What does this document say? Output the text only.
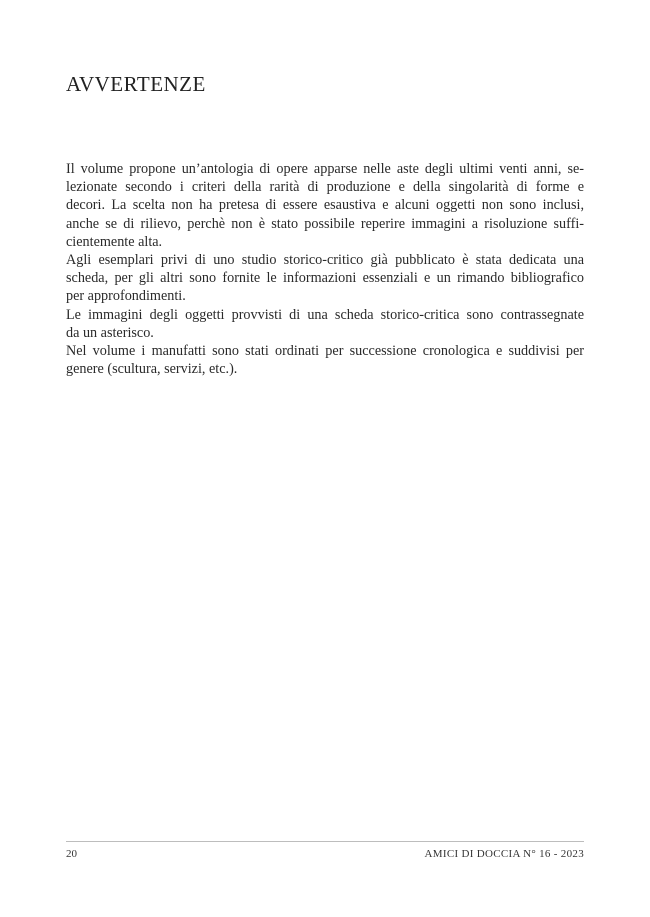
AVVERTENZE
Il volume propone un’antologia di opere apparse nelle aste degli ultimi venti anni, se-
lezionate secondo i criteri della rarità di produzione e della singolarità di forme e
decori. La scelta non ha pretesa di essere esaustiva e alcuni oggetti non sono inclusi,
anche se di rilievo, perchè non è stato possibile reperire immagini a risoluzione suffi-
cientemente alta.
Agli esemplari privi di uno studio storico-critico già pubblicato è stata dedicata una
scheda, per gli altri sono fornite le informazioni essenziali e un rimando bibliografico
per approfondimenti.
Le immagini degli oggetti provvisti di una scheda storico-critica sono contrassegnate
da un asterisco.
Nel volume i manufatti sono stati ordinati per successione cronologica e suddivisi per
genere (scultura, servizi, etc.).
20	AMICI DI DOCCIA N° 16 - 2023
